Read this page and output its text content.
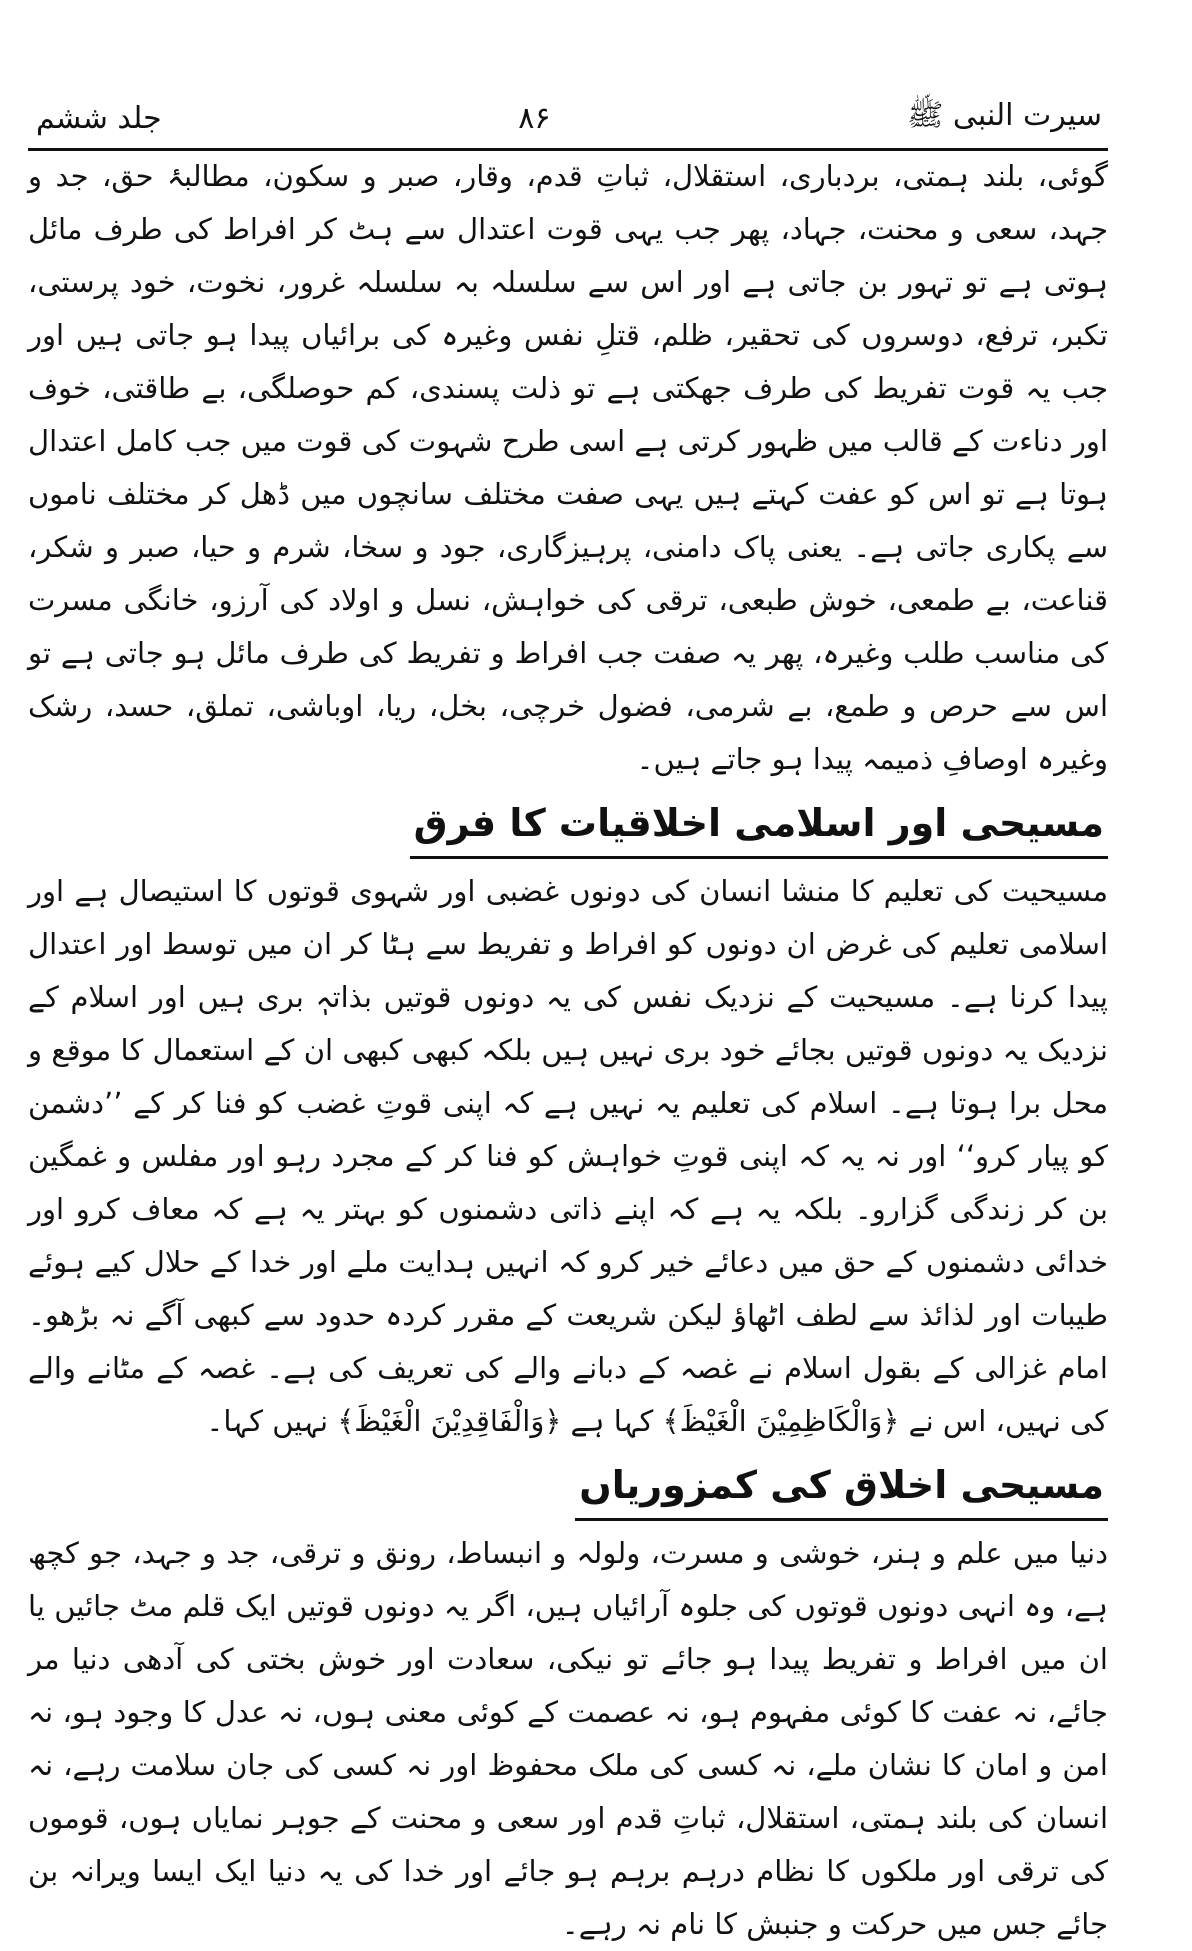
جلد ششم	۸۶	سیرت النبی ﷺ

گوئی، بلند ہمتی، بردباری، استقلال، ثباتِ قدم، وقار، صبر و سکون، مطالبۂ حق، جد و جہد، سعی و محنت، جہاد، پھر جب یہی قوت اعتدال سے ہٹ کر افراط کی طرف مائل ہوتی ہے تو تہور بن جاتی ہے اور اس سے سلسلہ بہ سلسلہ غرور، نخوت، خود پرستی، تکبر، ترفع، دوسروں کی تحقیر، ظلم، قتلِ نفس وغیرہ کی برائیاں پیدا ہو جاتی ہیں اور جب یہ قوت تفریط کی طرف جھکتی ہے تو ذلت پسندی، کم حوصلگی، بے طاقتی، خوف اور دناءت کے قالب میں ظہور کرتی ہے اسی طرح شہوت کی قوت میں جب کامل اعتدال ہوتا ہے تو اس کو عفت کہتے ہیں یہی صفت مختلف سانچوں میں ڈھل کر مختلف ناموں سے پکاری جاتی ہے۔ یعنی پاک دامنی، پرہیزگاری، جود و سخا، شرم و حیا، صبر و شکر، قناعت، بے طمعی، خوش طبعی، ترقی کی خواہش، نسل و اولاد کی آرزو، خانگی مسرت کی مناسب طلب وغیرہ، پھر یہ صفت جب افراط و تفریط کی طرف مائل ہو جاتی ہے تو اس سے حرص و طمع، بے شرمی، فضول خرچی، بخل، ریا، اوباشی، تملق، حسد، رشک وغیرہ اوصافِ ذمیمہ پیدا ہو جاتے ہیں۔

مسیحی اور اسلامی اخلاقیات کا فرق

مسیحیت کی تعلیم کا منشا انسان کی دونوں غضبی اور شہوی قوتوں کا استیصال ہے اور اسلامی تعلیم کی غرض ان دونوں کو افراط و تفریط سے ہٹا کر ان میں توسط اور اعتدال پیدا کرنا ہے۔ مسیحیت کے نزدیک نفس کی یہ دونوں قوتیں بذاتہٖ بری ہیں اور اسلام کے نزدیک یہ دونوں قوتیں بجائے خود بری نہیں ہیں بلکہ کبھی کبھی ان کے استعمال کا موقع و محل برا ہوتا ہے۔ اسلام کی تعلیم یہ نہیں ہے کہ اپنی قوتِ غضب کو فنا کر کے ’’دشمن کو پیار کرو‘‘ اور نہ یہ کہ اپنی قوتِ خواہش کو فنا کر کے مجرد رہو اور مفلس و غمگین بن کر زندگی گزارو۔ بلکہ یہ ہے کہ اپنے ذاتی دشمنوں کو بہتر یہ ہے کہ معاف کرو اور خدائی دشمنوں کے حق میں دعائے خیر کرو کہ انہیں ہدایت ملے اور خدا کے حلال کیے ہوئے طیبات اور لذائذ سے لطف اٹھاؤ لیکن شریعت کے مقرر کردہ حدود سے کبھی آگے نہ بڑھو۔ امام غزالی کے بقول اسلام نے غصہ کے دبانے والے کی تعریف کی ہے۔ غصہ کے مٹانے والے کی نہیں، اس نے ﴿وَالْكَاظِمِيْنَ الْغَيْظَ﴾ کہا ہے ﴿وَالْفَاقِدِيْنَ الْغَيْظَ﴾ نہیں کہا۔

مسیحی اخلاق کی کمزوریاں

دنیا میں علم و ہنر، خوشی و مسرت، ولولہ و انبساط، رونق و ترقی، جد و جہد، جو کچھ ہے، وہ انہی دونوں قوتوں کی جلوہ آرائیاں ہیں، اگر یہ دونوں قوتیں ایک قلم مٹ جائیں یا ان میں افراط و تفریط پیدا ہو جائے تو نیکی، سعادت اور خوش بختی کی آدھی دنیا مر جائے، نہ عفت کا کوئی مفہوم ہو، نہ عصمت کے کوئی معنی ہوں، نہ عدل کا وجود ہو، نہ امن و امان کا نشان ملے، نہ کسی کی ملک محفوظ اور نہ کسی کی جان سلامت رہے، نہ انسان کی بلند ہمتی، استقلال، ثباتِ قدم اور سعی و محنت کے جوہر نمایاں ہوں، قوموں کی ترقی اور ملکوں کا نظام درہم برہم ہو جائے اور خدا کی یہ دنیا ایک ایسا ویرانہ بن جائے جس میں حرکت و جنبش کا نام نہ رہے۔
